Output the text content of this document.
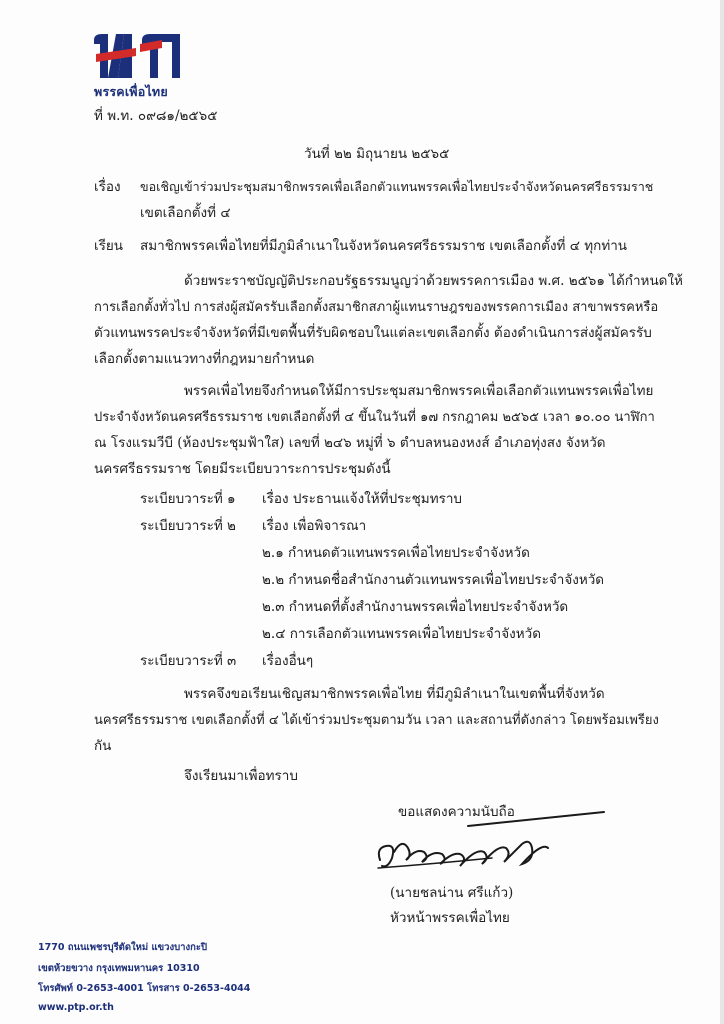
พรรคเพื่อไทย
ที่ พ.ท. ๐๙๘๑/๒๕๖๕
วันที่ ๒๒ มิถุนายน ๒๕๖๕
เรื่อง ขอเชิญเข้าร่วมประชุมสมาชิกพรรคเพื่อเลือกตัวแทนพรรคเพื่อไทยประจำจังหวัดนครศรีธรรมราช
เขตเลือกตั้งที่ ๔
เรียน สมาชิกพรรคเพื่อไทยที่มีภูมิลำเนาในจังหวัดนครศรีธรรมราช เขตเลือกตั้งที่ ๔ ทุกท่าน
ด้วยพระราชบัญญัติประกอบรัฐธรรมนูญว่าด้วยพรรคการเมือง พ.ศ. ๒๕๖๑ ได้กำหนดให้
การเลือกตั้งทั่วไป การส่งผู้สมัครรับเลือกตั้งสมาชิกสภาผู้แทนราษฎรของพรรคการเมือง สาขาพรรคหรือ
ตัวแทนพรรคประจำจังหวัดที่มีเขตพื้นที่รับผิดชอบในแต่ละเขตเลือกตั้ง ต้องดำเนินการส่งผู้สมัครรับ
เลือกตั้งตามแนวทางที่กฎหมายกำหนด
พรรคเพื่อไทยจึงกำหนดให้มีการประชุมสมาชิกพรรคเพื่อเลือกตัวแทนพรรคเพื่อไทย
ประจำจังหวัดนครศรีธรรมราช เขตเลือกตั้งที่ ๔ ขึ้นในวันที่ ๑๗ กรกฎาคม ๒๕๖๕ เวลา ๑๐.๐๐ นาฬิกา
ณ โรงแรมวีบี (ห้องประชุมฟ้าใส) เลขที่ ๒๔๖ หมู่ที่ ๖ ตำบลหนองหงส์ อำเภอทุ่งสง จังหวัด
นครศรีธรรมราช โดยมีระเบียบวาระการประชุมดังนี้
ระเบียบวาระที่ ๑ เรื่อง ประธานแจ้งให้ที่ประชุมทราบ
ระเบียบวาระที่ ๒ เรื่อง เพื่อพิจารณา
๒.๑ กำหนดตัวแทนพรรคเพื่อไทยประจำจังหวัด
๒.๒ กำหนดชื่อสำนักงานตัวแทนพรรคเพื่อไทยประจำจังหวัด
๒.๓ กำหนดที่ตั้งสำนักงานพรรคเพื่อไทยประจำจังหวัด
๒.๔ การเลือกตัวแทนพรรคเพื่อไทยประจำจังหวัด
ระเบียบวาระที่ ๓ เรื่องอื่นๆ
พรรคจึงขอเรียนเชิญสมาชิกพรรคเพื่อไทย ที่มีภูมิลำเนาในเขตพื้นที่จังหวัด
นครศรีธรรมราช เขตเลือกตั้งที่ ๔ ได้เข้าร่วมประชุมตามวัน เวลา และสถานที่ดังกล่าว โดยพร้อมเพรียง
กัน
จึงเรียนมาเพื่อทราบ
ขอแสดงความนับถือ
(นายชลน่าน ศรีแก้ว)
หัวหน้าพรรคเพื่อไทย
1770 ถนนเพชรบุรีตัดใหม่ แขวงบางกะปิ
เขตห้วยขวาง กรุงเทพมหานคร 10310
โทรศัพท์ 0-2653-4001 โทรสาร 0-2653-4044
www.ptp.or.th
